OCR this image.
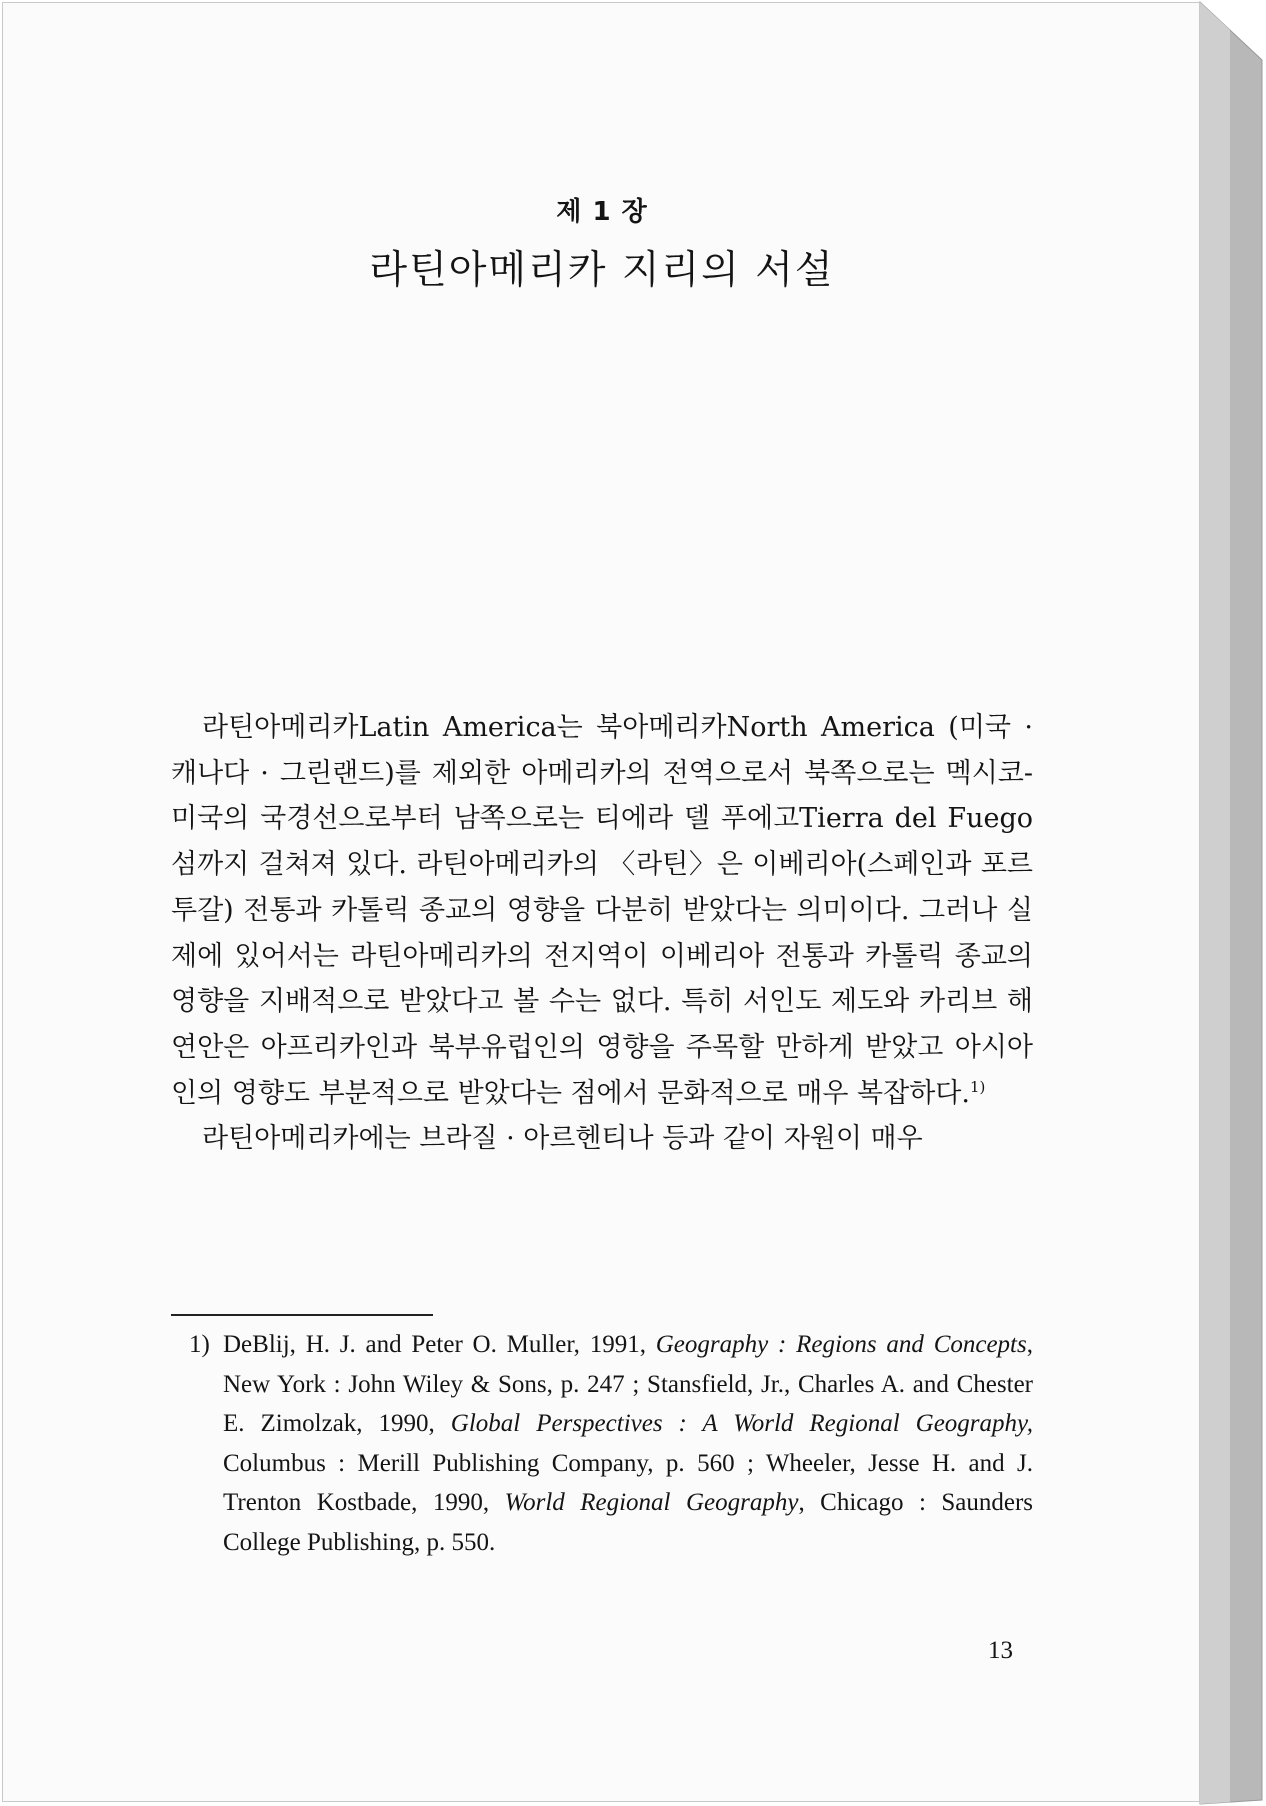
제 1 장
라틴아메리카 지리의 서설

라틴아메리카Latin America는 북아메리카North America (미국 · 캐나다 · 그린랜드)를 제외한 아메리카의 전역으로서 북쪽으로는 멕시코-미국의 국경선으로부터 남쪽으로는 티에라 델 푸에고Tierra del Fuego 섬까지 걸쳐져 있다. 라틴아메리카의 〈라틴〉은 이베리아(스페인과 포르투갈) 전통과 카톨릭 종교의 영향을 다분히 받았다는 의미이다. 그러나 실제에 있어서는 라틴아메리카의 전지역이 이베리아 전통과 카톨릭 종교의 영향을 지배적으로 받았다고 볼 수는 없다. 특히 서인도 제도와 카리브 해 연안은 아프리카인과 북부유럽인의 영향을 주목할 만하게 받았고 아시아인의 영향도 부분적으로 받았다는 점에서 문화적으로 매우 복잡하다.$^{1)}$

라틴아메리카에는 브라질 · 아르헨티나 등과 같이 자원이 매우

1) DeBlij, H. J. and Peter O. Muller, 1991, Geography : Regions and Concepts, New York : John Wiley & Sons, p. 247 ; Stansfield, Jr., Charles A. and Chester E. Zimolzak, 1990, Global Perspectives : A World Regional Geography, Columbus : Merill Publishing Company, p. 560 ; Wheeler, Jesse H. and J. Trenton Kostbade, 1990, World Regional Geography, Chicago : Saunders College Publishing, p. 550.
13
